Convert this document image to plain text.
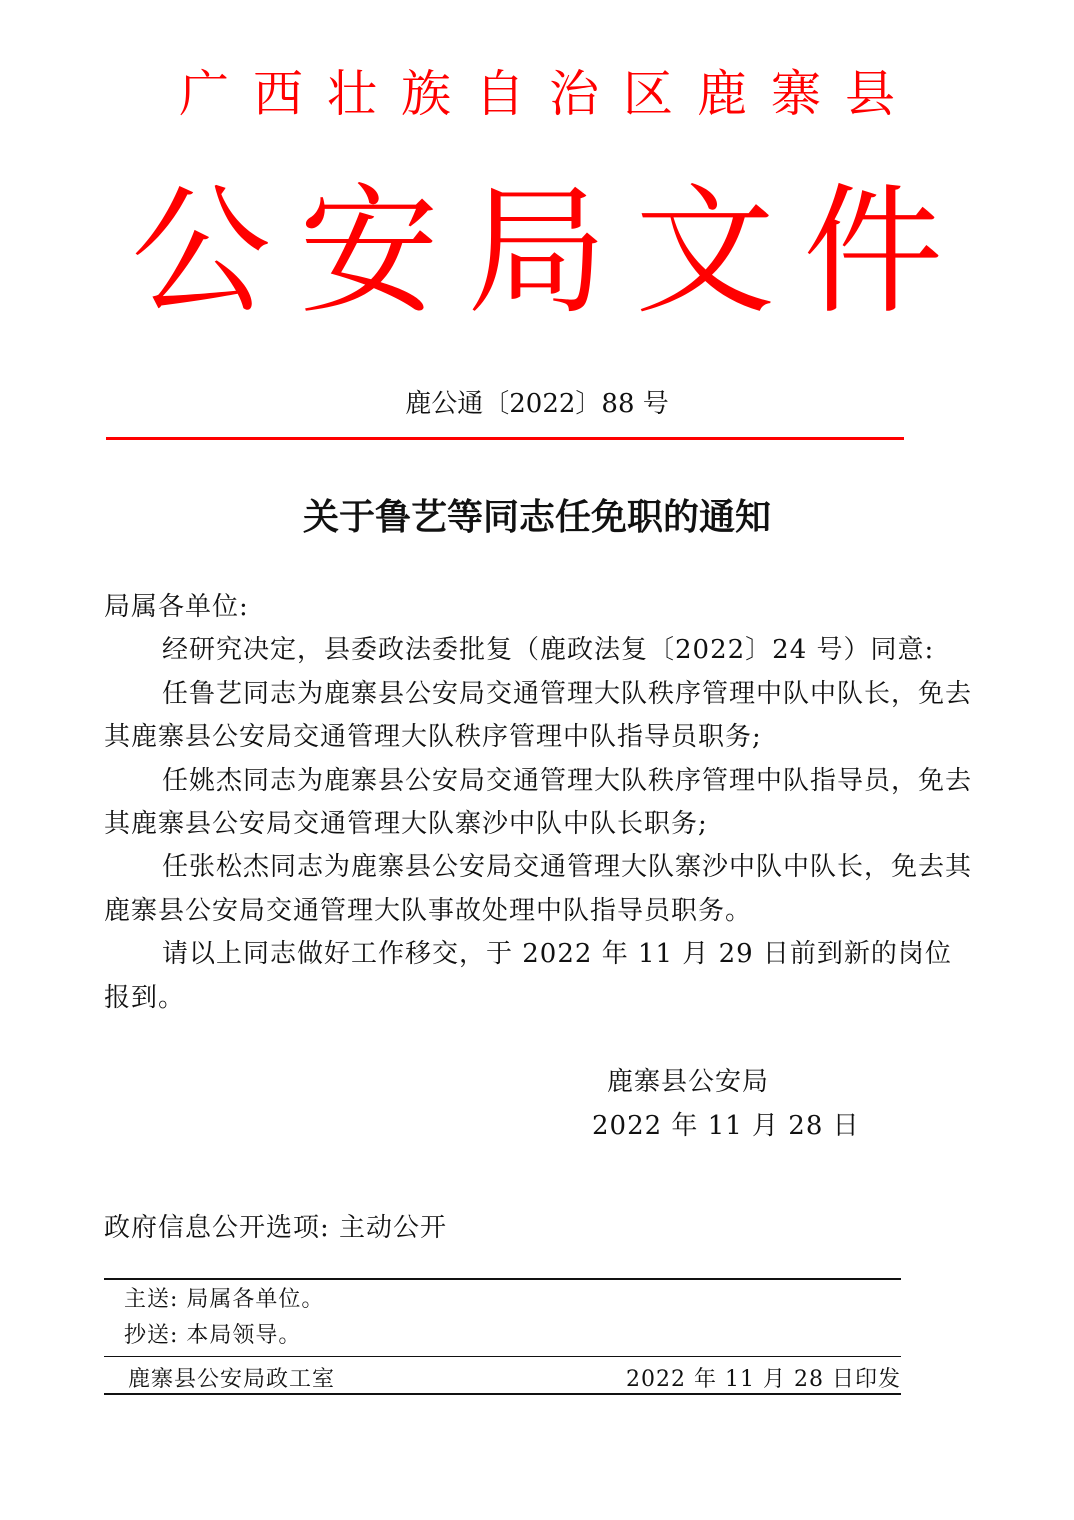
广西壮族自治区鹿寨县
公安局文件
鹿公通〔2022〕88 号
关于鲁艺等同志任免职的通知

局属各单位:

经研究决定，县委政法委批复（鹿政法复〔2022〕24 号）同意:

任鲁艺同志为鹿寨县公安局交通管理大队秩序管理中队中队长，免去其鹿寨县公安局交通管理大队秩序管理中队指导员职务;

任姚杰同志为鹿寨县公安局交通管理大队秩序管理中队指导员，免去其鹿寨县公安局交通管理大队寨沙中队中队长职务;

任张松杰同志为鹿寨县公安局交通管理大队寨沙中队中队长，免去其鹿寨县公安局交通管理大队事故处理中队指导员职务。

请以上同志做好工作移交，于 2022 年 11 月 29 日前到新的岗位报到。

鹿寨县公安局
2022 年 11 月 28 日
政府信息公开选项: 主动公开
主送: 局属各单位。
抄送: 本局领导。
鹿寨县公安局政工室	2022 年 11 月 28 日印发
